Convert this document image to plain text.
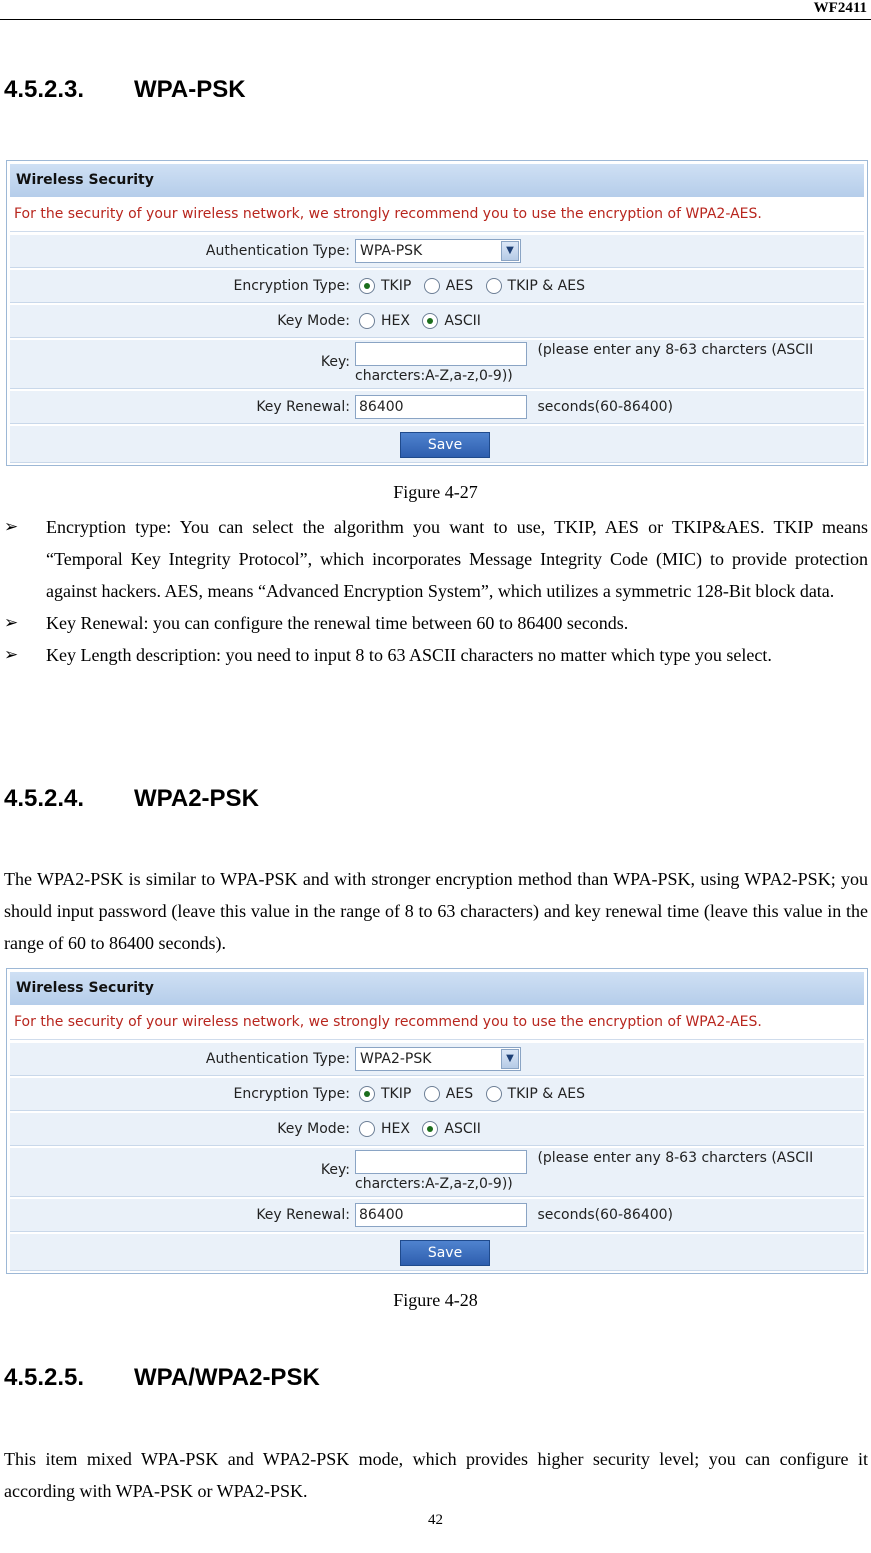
WF2411
4.5.2.3. WPA-PSK
Wireless Security
For the security of your wireless network, we strongly recommend you to use the encryption of WPA2-AES.
Authentication Type: WPA-PSK	▼
Encryption Type:	TKIP AES TKIP & AES
Key Mode:	HEX ASCII
Key:
(please enter any 8-63 charcters (ASCII
charcters:A-Z,a-z,0-9))
Key Renewal: 86400	seconds(60-86400)
Save
Figure 4-27
➢ Encryption type: You can select the algorithm you want to use, TKIP, AES or TKIP&AES. TKIP means “Temporal Key Integrity Protocol”, which incorporates Message Integrity Code (MIC) to provide protection against hackers. AES, means “Advanced Encryption System”, which utilizes a symmetric 128-Bit block data.
➢ Key Renewal: you can configure the renewal time between 60 to 86400 seconds.
➢ Key Length description: you need to input 8 to 63 ASCII characters no matter which type you select.
4.5.2.4. WPA2-PSK
The WPA2-PSK is similar to WPA-PSK and with stronger encryption method than WPA-PSK, using WPA2-PSK; you should input password (leave this value in the range of 8 to 63 characters) and key renewal time (leave this value in the range of 60 to 86400 seconds).
Wireless Security
For the security of your wireless network, we strongly recommend you to use the encryption of WPA2-AES.
Authentication Type: WPA2-PSK	▼
Encryption Type:	TKIP AES TKIP & AES
Key Mode:	HEX ASCII
Key:
(please enter any 8-63 charcters (ASCII
charcters:A-Z,a-z,0-9))
Key Renewal: 86400	seconds(60-86400)
Save
Figure 4-28
4.5.2.5. WPA/WPA2-PSK
This item mixed WPA-PSK and WPA2-PSK mode, which provides higher security level; you can configure it according with WPA-PSK or WPA2-PSK.
42
